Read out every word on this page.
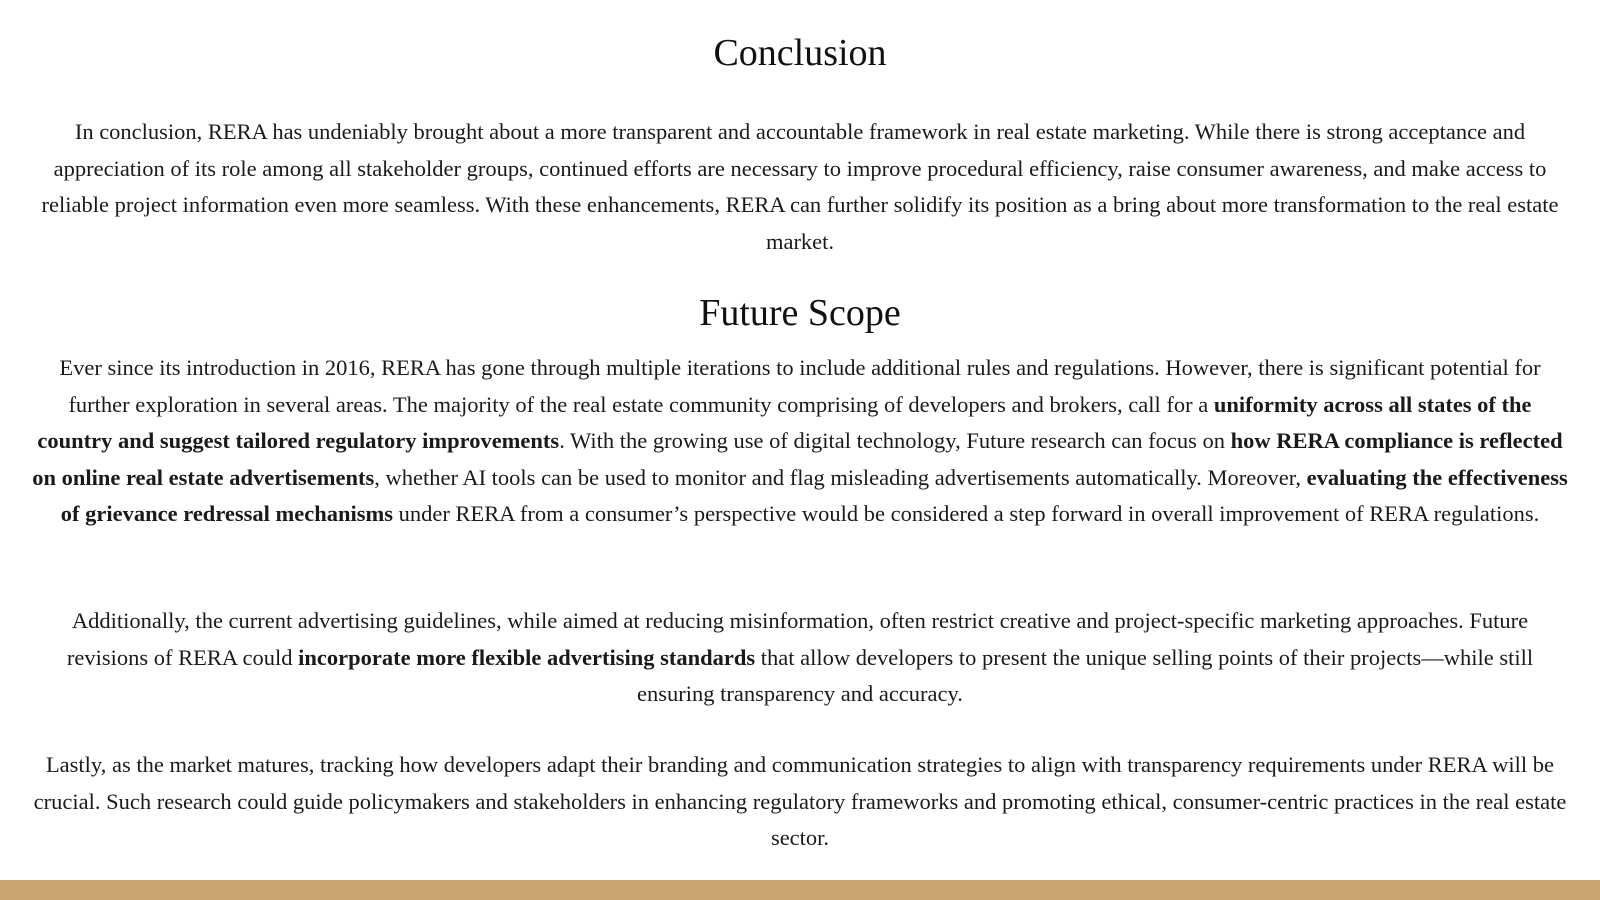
Conclusion

In conclusion, RERA has undeniably brought about a more transparent and accountable framework in real estate marketing. While there is strong acceptance and appreciation of its role among all stakeholder groups, continued efforts are necessary to improve procedural efficiency, raise consumer awareness, and make access to reliable project information even more seamless. With these enhancements, RERA can further solidify its position as a bring about more transformation to the real estate market.

Future Scope

Ever since its introduction in 2016, RERA has gone through multiple iterations to include additional rules and regulations. However, there is significant potential for further exploration in several areas. The majority of the real estate community comprising of developers and brokers, call for a uniformity across all states of the country and suggest tailored regulatory improvements. With the growing use of digital technology, Future research can focus on how RERA compliance is reflected on online real estate advertisements, whether AI tools can be used to monitor and flag misleading advertisements automatically. Moreover, evaluating the effectiveness of grievance redressal mechanisms under RERA from a consumer’s perspective would be considered a step forward in overall improvement of RERA regulations.

Additionally, the current advertising guidelines, while aimed at reducing misinformation, often restrict creative and project-specific marketing approaches. Future revisions of RERA could incorporate more flexible advertising standards that allow developers to present the unique selling points of their projects—while still ensuring transparency and accuracy.

Lastly, as the market matures, tracking how developers adapt their branding and communication strategies to align with transparency requirements under RERA will be crucial. Such research could guide policymakers and stakeholders in enhancing regulatory frameworks and promoting ethical, consumer-centric practices in the real estate sector.
